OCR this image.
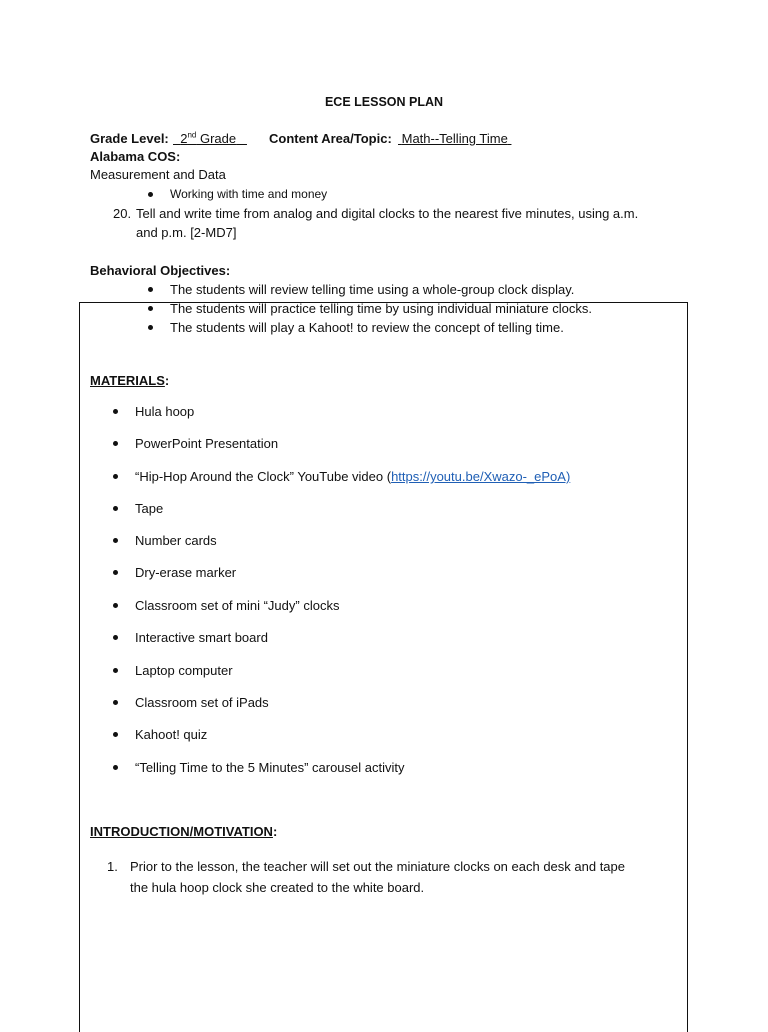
ECE LESSON PLAN
Grade Level: 2nd Grade	Content Area/Topic: Math--Telling Time
Alabama COS:
Measurement and Data
Working with time and money
20. Tell and write time from analog and digital clocks to the nearest five minutes, using a.m.
and p.m. [2-MD7]
Behavioral Objectives:
The students will review telling time using a whole-group clock display.
The students will practice telling time by using individual miniature clocks.
The students will play a Kahoot! to review the concept of telling time.
MATERIALS:
Hula hoop
PowerPoint Presentation
“Hip-Hop Around the Clock” YouTube video (https://youtu.be/Xwazo-_ePoA)
Tape
Number cards
Dry-erase marker
Classroom set of mini “Judy” clocks
Interactive smart board
Laptop computer
Classroom set of iPads
Kahoot! quiz
“Telling Time to the 5 Minutes” carousel activity
INTRODUCTION/MOTIVATION:
1. Prior to the lesson, the teacher will set out the miniature clocks on each desk and tape
the hula hoop clock she created to the white board.
